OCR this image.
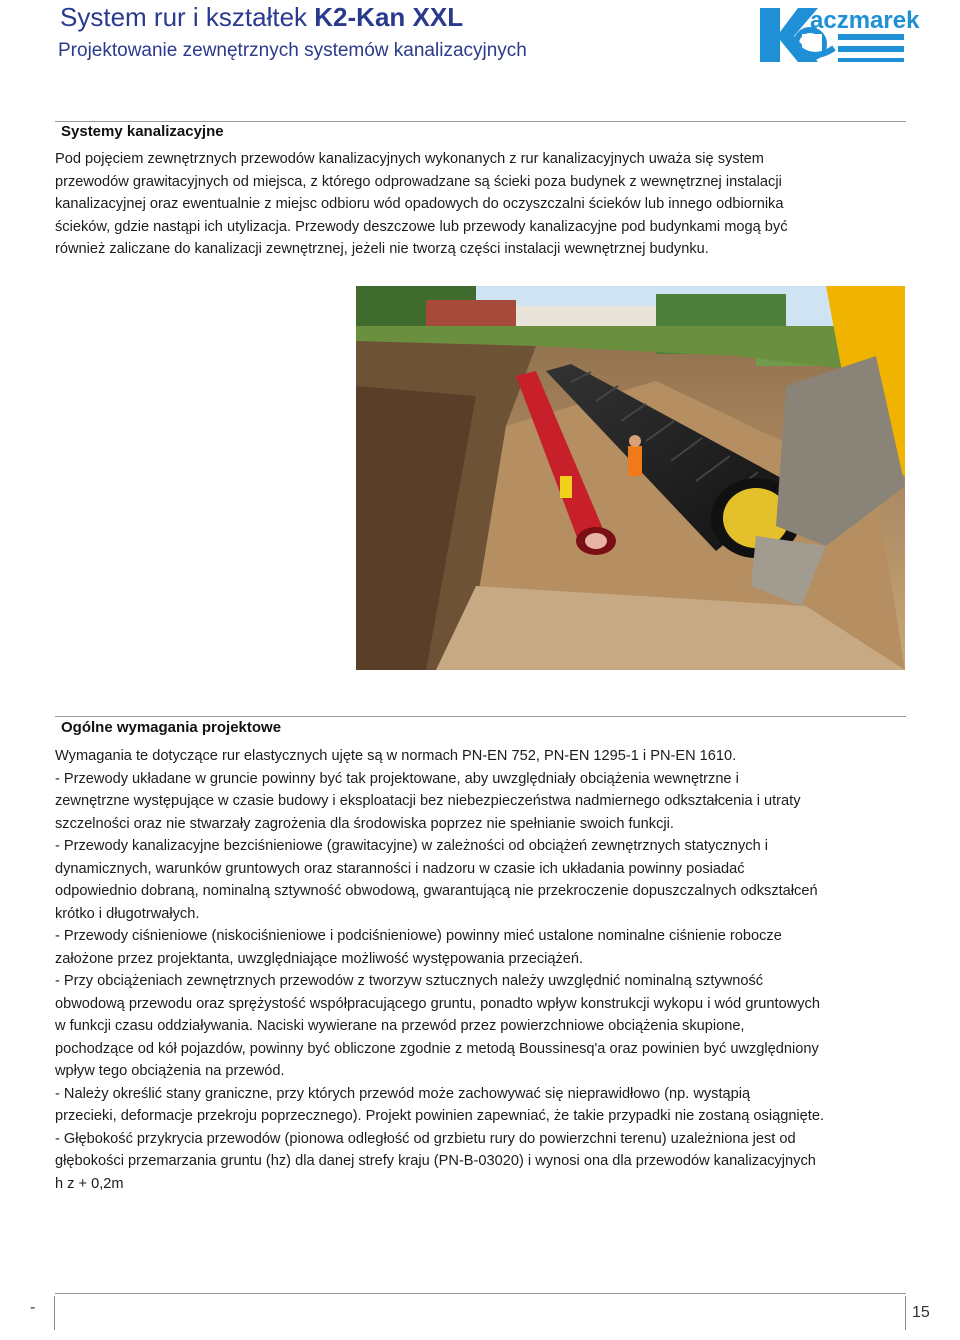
System rur i kształtek K2-Kan XXL
Projektowanie zewnętrznych systemów kanalizacyjnych
aczmarek
Systemy kanalizacyjne
Pod pojęciem zewnętrznych przewodów kanalizacyjnych wykonanych z rur kanalizacyjnych uważa się system
przewodów grawitacyjnych od miejsca, z którego odprowadzane są ścieki poza budynek z wewnętrznej instalacji
kanalizacyjnej oraz ewentualnie z miejsc odbioru wód opadowych do oczyszczalni ścieków lub innego odbiornika
ścieków, gdzie nastąpi ich utylizacja. Przewody deszczowe lub przewody kanalizacyjne pod budynkami mogą być
również zaliczane do kanalizacji zewnętrznej, jeżeli nie tworzą części instalacji wewnętrznej budynku.
Ogólne wymagania projektowe
Wymagania te dotyczące rur elastycznych ujęte są w normach PN-EN 752, PN-EN 1295-1 i PN-EN 1610.
- Przewody układane w gruncie powinny być tak projektowane, aby uwzględniały obciążenia wewnętrzne i
zewnętrzne występujące w czasie budowy i eksploatacji bez niebezpieczeństwa nadmiernego odkształcenia i utraty
szczelności oraz nie stwarzały zagrożenia dla środowiska poprzez nie spełnianie swoich funkcji.
- Przewody kanalizacyjne bezciśnieniowe (grawitacyjne) w zależności od obciążeń zewnętrznych statycznych i
dynamicznych, warunków gruntowych oraz staranności i nadzoru w czasie ich układania powinny posiadać
odpowiednio dobraną, nominalną sztywność obwodową, gwarantującą nie przekroczenie dopuszczalnych odkształceń
krótko i długotrwałych.
- Przewody ciśnieniowe (niskociśnieniowe i podciśnieniowe) powinny mieć ustalone nominalne ciśnienie robocze
założone przez projektanta, uwzględniające możliwość występowania przeciążeń.
- Przy obciążeniach zewnętrznych przewodów z tworzyw sztucznych należy uwzględnić nominalną sztywność
obwodową przewodu oraz sprężystość współpracującego gruntu, ponadto wpływ konstrukcji wykopu i wód gruntowych
w funkcji czasu oddziaływania. Naciski wywierane na przewód przez powierzchniowe obciążenia skupione,
pochodzące od kół pojazdów, powinny być obliczone zgodnie z metodą Boussinesq'a oraz powinien być uwzględniony
wpływ tego obciążenia na przewód.
- Należy określić stany graniczne, przy których przewód może zachowywać się nieprawidłowo (np. wystąpią
przecieki, deformacje przekroju poprzecznego). Projekt powinien zapewniać, że takie przypadki nie zostaną osiągnięte.
- Głębokość przykrycia przewodów (pionowa odległość od grzbietu rury do powierzchni terenu) uzależniona jest od
głębokości przemarzania gruntu (hz) dla danej strefy kraju (PN-B-03020) i wynosi ona dla przewodów kanalizacyjnych
h z + 0,2m
-	15
